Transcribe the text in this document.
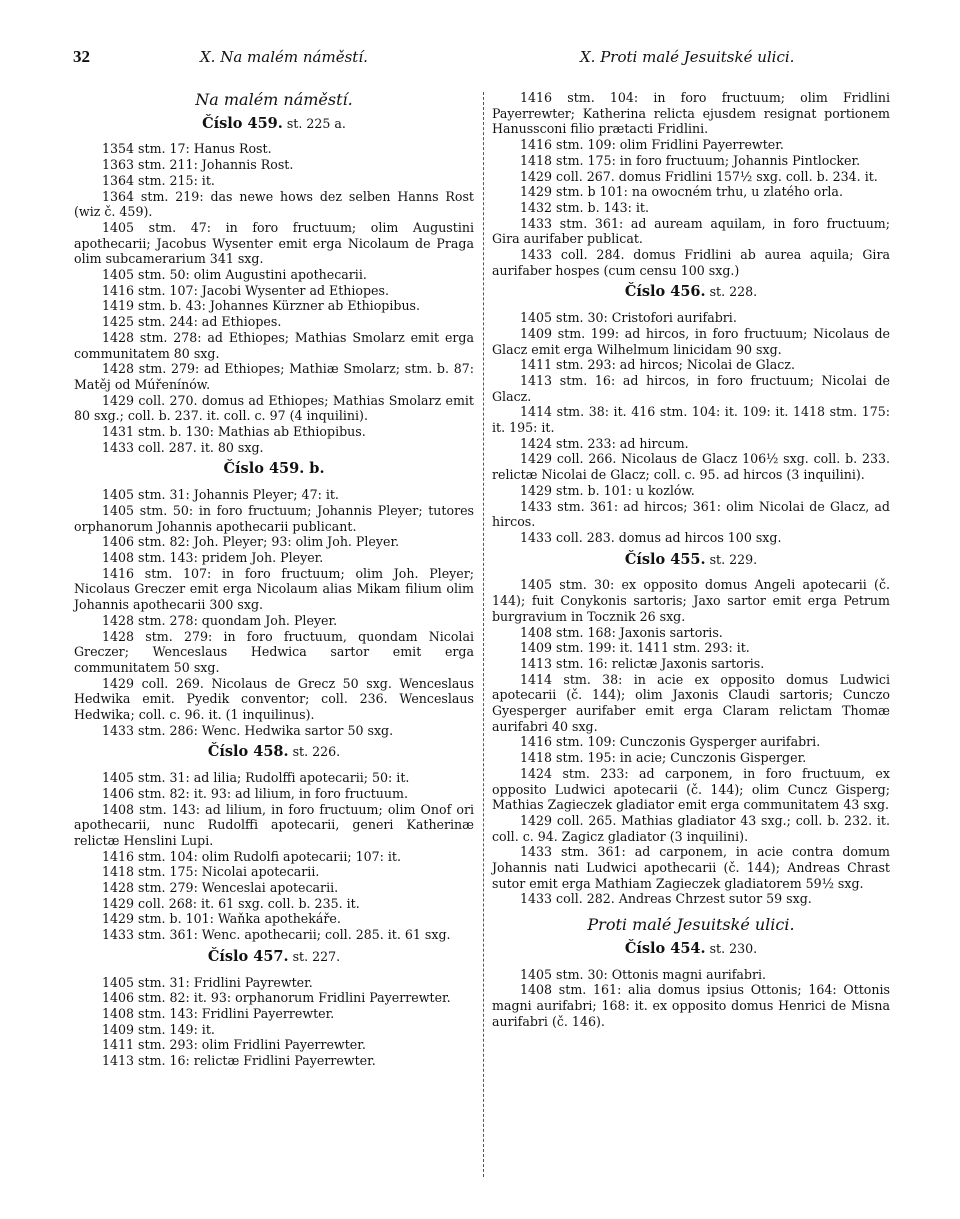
32	X. Na malém náměstí.	X. Proti malé Jesuitské ulici.
Na malém náměstí.
Číslo 459. st. 225 a.
1354 stm. 17: Hanus Rost.
1363 stm. 211: Johannis Rost.
1364 stm. 215: it.
1364 stm. 219: das newe hows dez selben Hanns Rost (wiz č. 459).
1405 stm. 47: in foro fructuum; olim Augustini apothecarii; Jacobus Wysenter emit erga Nicolaum de Praga olim subcamerarium 341 sxg.
1405 stm. 50: olim Augustini apothecarii.
1416 stm. 107: Jacobi Wysenter ad Ethiopes.
1419 stm. b. 43: Johannes Kürzner ab Ethiopibus.
1425 stm. 244: ad Ethiopes.
1428 stm. 278: ad Ethiopes; Mathias Smolarz emit erga communitatem 80 sxg.
1428 stm. 279: ad Ethiopes; Mathiæ Smolarz; stm. b. 87: Matěj od Múřenínów.
1429 coll. 270. domus ad Ethiopes; Mathias Smolarz emit 80 sxg.; coll. b. 237. it. coll. c. 97 (4 inquilini).
1431 stm. b. 130: Mathias ab Ethiopibus.
1433 coll. 287. it. 80 sxg.
Číslo 459. b.
1405 stm. 31: Johannis Pleyer; 47: it.
1405 stm. 50: in foro fructuum; Johannis Pleyer; tutores orphanorum Johannis apothecarii publicant.
1406 stm. 82: Joh. Pleyer; 93: olim Joh. Pleyer.
1408 stm. 143: pridem Joh. Pleyer.
1416 stm. 107: in foro fructuum; olim Joh. Pleyer; Nicolaus Greczer emit erga Nicolaum alias Mikam filium olim Johannis apothecarii 300 sxg.
1428 stm. 278: quondam Joh. Pleyer.
1428 stm. 279: in foro fructuum, quondam Nicolai Greczer; Wenceslaus Hedwica sartor emit erga communitatem 50 sxg.
1429 coll. 269. Nicolaus de Grecz 50 sxg. Wenceslaus Hedwika emit. Pyedik conventor; coll. 236. Wenceslaus Hedwika; coll. c. 96. it. (1 inquilinus).
1433 stm. 286: Wenc. Hedwika sartor 50 sxg.
Číslo 458. st. 226.
1405 stm. 31: ad lilia; Rudolffi apotecarii; 50: it.
1406 stm. 82: it. 93: ad lilium, in foro fructuum.
1408 stm. 143: ad lilium, in foro fructuum; olim Onof ori apothecarii, nunc Rudolffi apotecarii, generi Katherinæ relictæ Henslini Lupi.
1416 stm. 104: olim Rudolfi apotecarii; 107: it.
1418 stm. 175: Nicolai apotecarii.
1428 stm. 279: Wenceslai apotecarii.
1429 coll. 268: it. 61 sxg. coll. b. 235. it.
1429 stm. b. 101: Waňka apothekáře.
1433 stm. 361: Wenc. apothecarii; coll. 285. it. 61 sxg.
Číslo 457. st. 227.
1405 stm. 31: Fridlini Payrewter.
1406 stm. 82: it. 93: orphanorum Fridlini Payerrewter.
1408 stm. 143: Fridlini Payerrewter.
1409 stm. 149: it.
1411 stm. 293: olim Fridlini Payerrewter.
1413 stm. 16: relictæ Fridlini Payerrewter.
1416 stm. 104: in foro fructuum; olim Fridlini Payerrewter; Katherina relicta ejusdem resignat portionem Hanussconi filio prætacti Fridlini.
1416 stm. 109: olim Fridlini Payerrewter.
1418 stm. 175: in foro fructuum; Johannis Pintlocker.
1429 coll. 267. domus Fridlini 157½ sxg. coll. b. 234. it.
1429 stm. b 101: na owocném trhu, u zlatého orla.
1432 stm. b. 143: it.
1433 stm. 361: ad auream aquilam, in foro fructuum; Gira aurifaber publicat.
1433 coll. 284. domus Fridlini ab aurea aquila; Gira aurifaber hospes (cum censu 100 sxg.)
Číslo 456. st. 228.
1405 stm. 30: Cristofori aurifabri.
1409 stm. 199: ad hircos, in foro fructuum; Nicolaus de Glacz emit erga Wilhelmum linicidam 90 sxg.
1411 stm. 293: ad hircos; Nicolai de Glacz.
1413 stm. 16: ad hircos, in foro fructuum; Nicolai de Glacz.
1414 stm. 38: it. 416 stm. 104: it. 109: it. 1418 stm. 175: it. 195: it.
1424 stm. 233: ad hircum.
1429 coll. 266. Nicolaus de Glacz 106½ sxg. coll. b. 233. relictæ Nicolai de Glacz; coll. c. 95. ad hircos (3 inquilini).
1429 stm. b. 101: u kozlów.
1433 stm. 361: ad hircos; 361: olim Nicolai de Glacz, ad hircos.
1433 coll. 283. domus ad hircos 100 sxg.
Číslo 455. st. 229.
1405 stm. 30: ex opposito domus Angeli apotecarii (č. 144); fuit Conykonis sartoris; Jaxo sartor emit erga Petrum burgravium in Tocznik 26 sxg.
1408 stm. 168: Jaxonis sartoris.
1409 stm. 199: it. 1411 stm. 293: it.
1413 stm. 16: relictæ Jaxonis sartoris.
1414 stm. 38: in acie ex opposito domus Ludwici apotecarii (č. 144); olim Jaxonis Claudi sartoris; Cunczo Gyesperger aurifaber emit erga Claram relictam Thomæ aurifabri 40 sxg.
1416 stm. 109: Cunczonis Gysperger aurifabri.
1418 stm. 195: in acie; Cunczonis Gisperger.
1424 stm. 233: ad carponem, in foro fructuum, ex opposito Ludwici apotecarii (č. 144); olim Cuncz Gisperg; Mathias Zagieczek gladiator emit erga communitatem 43 sxg.
1429 coll. 265. Mathias gladiator 43 sxg.; coll. b. 232. it. coll. c. 94. Zagicz gladiator (3 inquilini).
1433 stm. 361: ad carponem, in acie contra domum Johannis nati Ludwici apothecarii (č. 144); Andreas Chrast sutor emit erga Mathiam Zagieczek gladiatorem 59½ sxg.
1433 coll. 282. Andreas Chrzest sutor 59 sxg.
Proti malé Jesuitské ulici.
Číslo 454. st. 230.
1405 stm. 30: Ottonis magni aurifabri.
1408 stm. 161: alia domus ipsius Ottonis; 164: Ottonis magni aurifabri; 168: it. ex opposito domus Henrici de Misna aurifabri (č. 146).
